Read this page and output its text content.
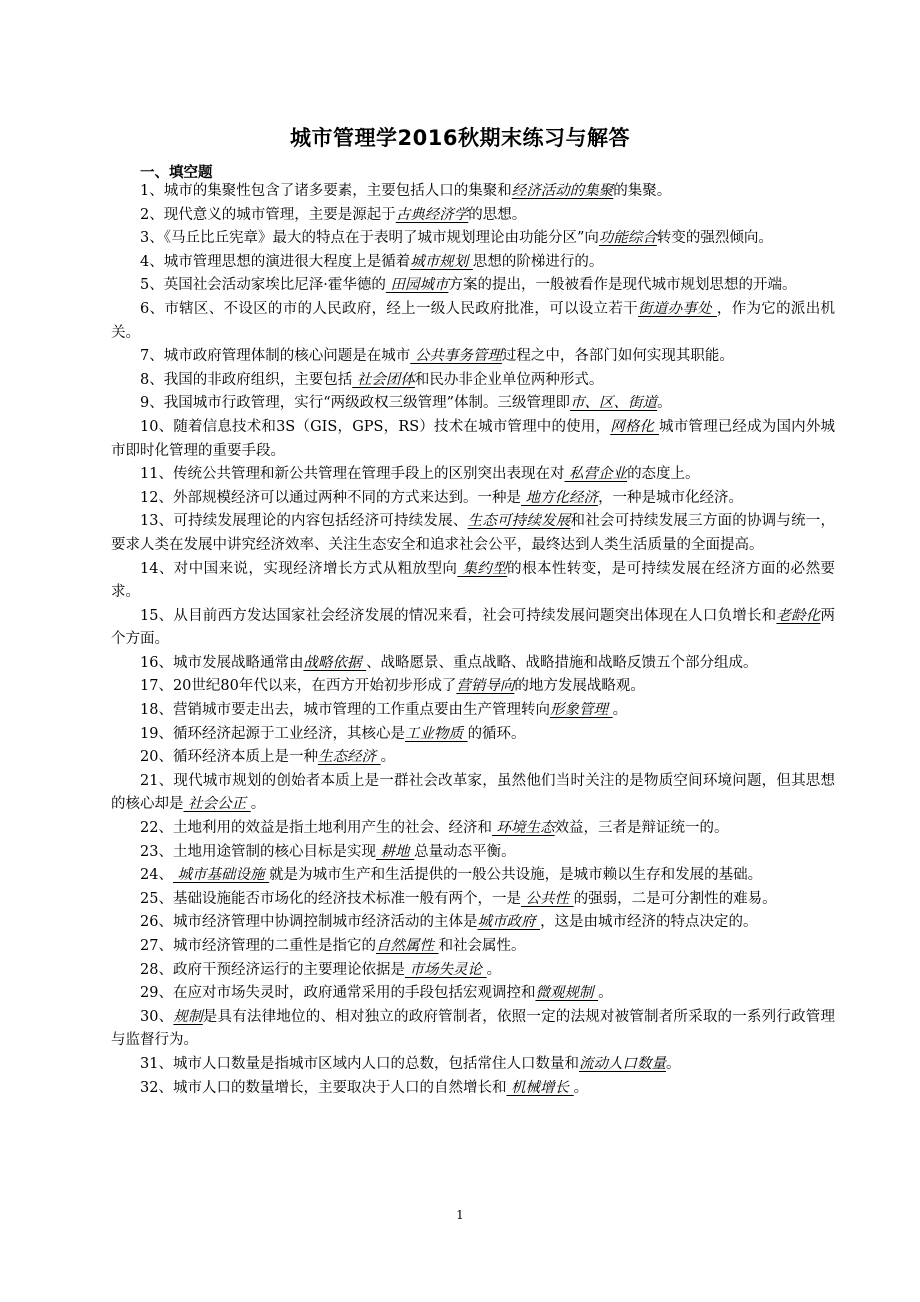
城市管理学2016秋期末练习与解答
一、填空题

1、城市的集聚性包含了诸多要素，主要包括人口的集聚和经济活动的集聚的集聚。

2、现代意义的城市管理，主要是源起于古典经济学的思想。

3、《马丘比丘宪章》最大的特点在于表明了城市规划理论由功能分区”向功能综合转变的强烈倾向。

4、城市管理思想的演进很大程度上是循着城市规划 思想的阶梯进行的。

5、英国社会活动家埃比尼泽·霍华德的 田园城市方案的提出，一般被看作是现代城市规划思想的开端。

6、市辖区、不设区的市的人民政府，经上一级人民政府批准，可以设立若干街道办事处 ，作为它的派出机关。

7、城市政府管理体制的核心问题是在城市 公共事务管理过程之中，各部门如何实现其职能。

8、我国的非政府组织，主要包括 社会团体和民办非企业单位两种形式。

9、我国城市行政管理，实行“两级政权三级管理”体制。三级管理即市、区、街道。

10、随着信息技术和3S（GIS，GPS，RS）技术在城市管理中的使用，网格化 城市管理已经成为国内外城市即时化管理的重要手段。

11、传统公共管理和新公共管理在管理手段上的区别突出表现在对 私营企业的态度上。

12、外部规模经济可以通过两种不同的方式来达到。一种是 地方化经济，一种是城市化经济。

13、可持续发展理论的内容包括经济可持续发展、生态可持续发展和社会可持续发展三方面的协调与统一，要求人类在发展中讲究经济效率、关注生态安全和追求社会公平，最终达到人类生活质量的全面提高。

14、对中国来说，实现经济增长方式从粗放型向 集约型的根本性转变，是可持续发展在经济方面的必然要求。

15、从目前西方发达国家社会经济发展的情况来看，社会可持续发展问题突出体现在人口负增长和老龄化两个方面。

16、城市发展战略通常由战略依据 、战略愿景、重点战略、战略措施和战略反馈五个部分组成。

17、20世纪80年代以来，在西方开始初步形成了营销导向的地方发展战略观。

18、营销城市要走出去，城市管理的工作重点要由生产管理转向形象管理 。

19、循环经济起源于工业经济，其核心是工业物质 的循环。

20、循环经济本质上是一种生态经济 。

21、现代城市规划的创始者本质上是一群社会改革家，虽然他们当时关注的是物质空间环境问题，但其思想的核心却是 社会公正 。

22、土地利用的效益是指土地利用产生的社会、经济和 环境生态效益，三者是辩证统一的。

23、土地用途管制的核心目标是实现 耕地 总量动态平衡。

24、 城市基础设施 就是为城市生产和生活提供的一般公共设施，是城市赖以生存和发展的基础。

25、基础设施能否市场化的经济技术标准一般有两个，一是 公共性 的强弱，二是可分割性的难易。

26、城市经济管理中协调控制城市经济活动的主体是城市政府 ，这是由城市经济的特点决定的。

27、城市经济管理的二重性是指它的自然属性 和社会属性。

28、政府干预经济运行的主要理论依据是 市场失灵论 。

29、在应对市场失灵时，政府通常采用的手段包括宏观调控和微观规制 。

30、规制是具有法律地位的、相对独立的政府管制者，依照一定的法规对被管制者所采取的一系列行政管理与监督行为。

31、城市人口数量是指城市区域内人口的总数，包括常住人口数量和流动人口数量。

32、城市人口的数量增长，主要取决于人口的自然增长和 机械增长 。

1
